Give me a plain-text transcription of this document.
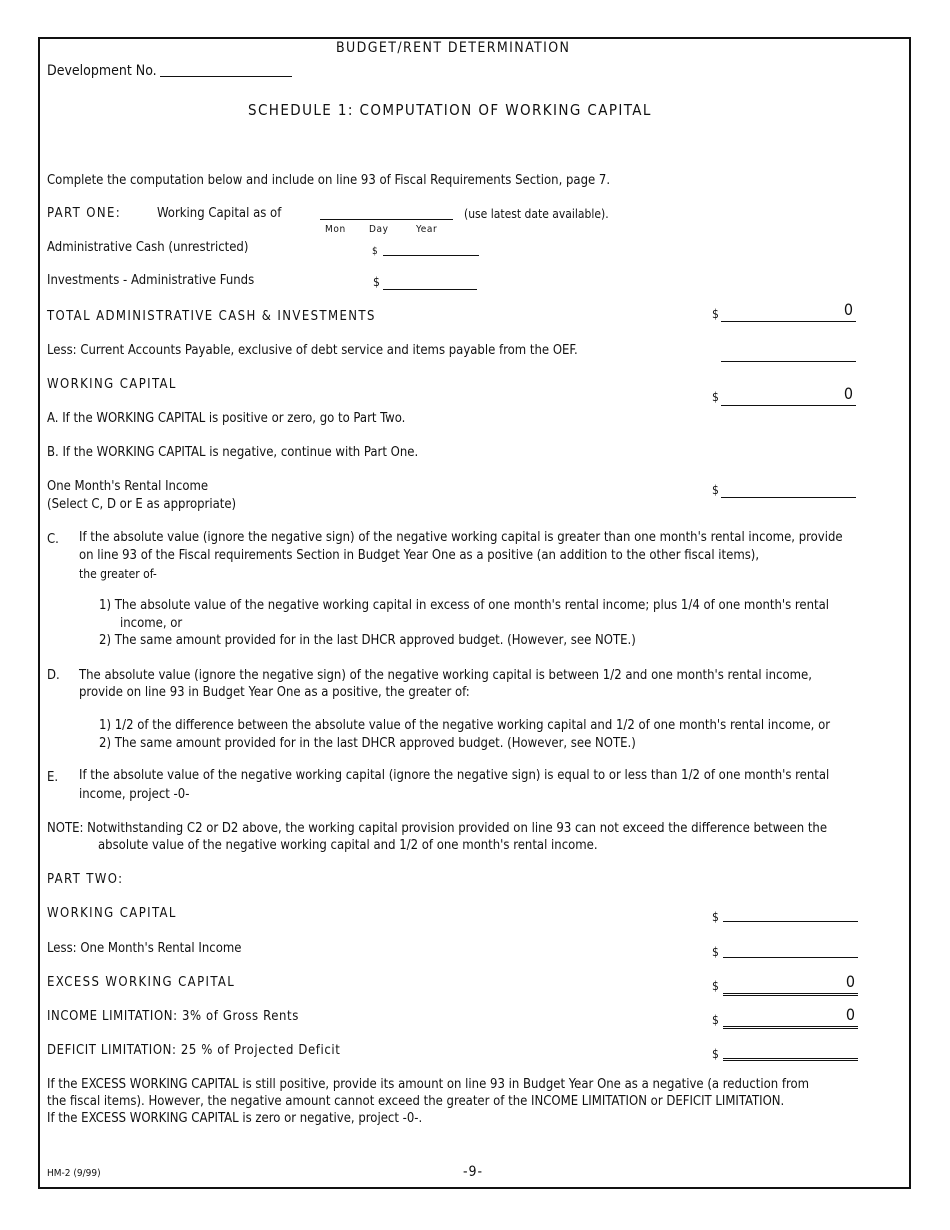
BUDGET/RENT DETERMINATION
Development No.
SCHEDULE 1: COMPUTATION OF WORKING CAPITAL
Complete the computation below and include on line 93 of Fiscal Requirements Section, page 7.
PART ONE:	Working Capital as of	(use latest date available).
Mon Day	Year
Administrative Cash (unrestricted)	$
Investments - Administrative Funds	$
TOTAL ADMINISTRATIVE CASH & INVESTMENTS	$	0
Less: Current Accounts Payable, exclusive of debt service and items payable from the OEF.
WORKING CAPITAL
$	0
A. If the WORKING CAPITAL is positive or zero, go to Part Two.
B. If the WORKING CAPITAL is negative, continue with Part One.
One Month's Rental Income
(Select C, D or E as appropriate)
$
C. If the absolute value (ignore the negative sign) of the negative working capital is greater than one month's rental income, provide
on line 93 of the Fiscal requirements Section in Budget Year One as a positive (an addition to the other fiscal items),
the greater of-
1) The absolute value of the negative working capital in excess of one month's rental income; plus 1/4 of one month's rental
income, or
2) The same amount provided for in the last DHCR approved budget. (However, see NOTE.)
D. The absolute value (ignore the negative sign) of the negative working capital is between 1/2 and one month's rental income,
provide on line 93 in Budget Year One as a positive, the greater of:
1) 1/2 of the difference between the absolute value of the negative working capital and 1/2 of one month's rental income, or
2) The same amount provided for in the last DHCR approved budget. (However, see NOTE.)
E. If the absolute value of the negative working capital (ignore the negative sign) is equal to or less than 1/2 of one month's rental
income, project -0-
NOTE: Notwithstanding C2 or D2 above, the working capital provision provided on line 93 can not exceed the difference between the
absolute value of the negative working capital and 1/2 of one month's rental income.
PART TWO:
WORKING CAPITAL	$
Less: One Month's Rental Income	$
EXCESS WORKING CAPITAL	$	0
INCOME LIMITATION: 3% of Gross Rents	$	0
DEFICIT LIMITATION: 25 % of Projected Deficit	$
If the EXCESS WORKING CAPITAL is still positive, provide its amount on line 93 in Budget Year One as a negative (a reduction from
the fiscal items). However, the negative amount cannot exceed the greater of the INCOME LIMITATION or DEFICIT LIMITATION.
If the EXCESS WORKING CAPITAL is zero or negative, project -0-.
HM-2 (9/99)	-9-
